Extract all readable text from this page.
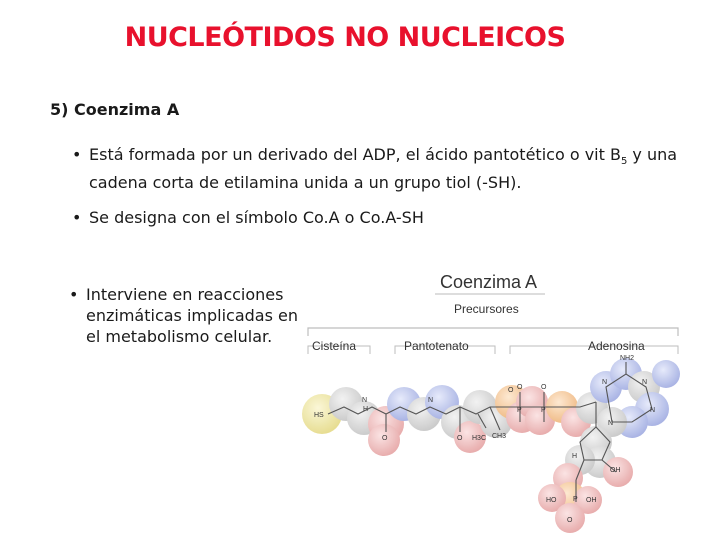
NUCLEÓTIDOS NO NUCLEICOS
5) Coenzima A
• Está formada por un derivado del ADP, el ácido pantotético o vit $B_5$ y una cadena corta de etilamina unida a un grupo tiol (-SH).
• Se designa con el símbolo Co.A o Co.A-SH
• Interviene en reacciones enzimáticas implicadas en el metabolismo celular.
HS
N
H
O
N
O H3C CH3
O
P	P
O	O
NH2
N	N
N
N
H
OH
P
HO	OH
O
Coenzima A
Precursores
Cisteína	Pantotenato	Adenosina
